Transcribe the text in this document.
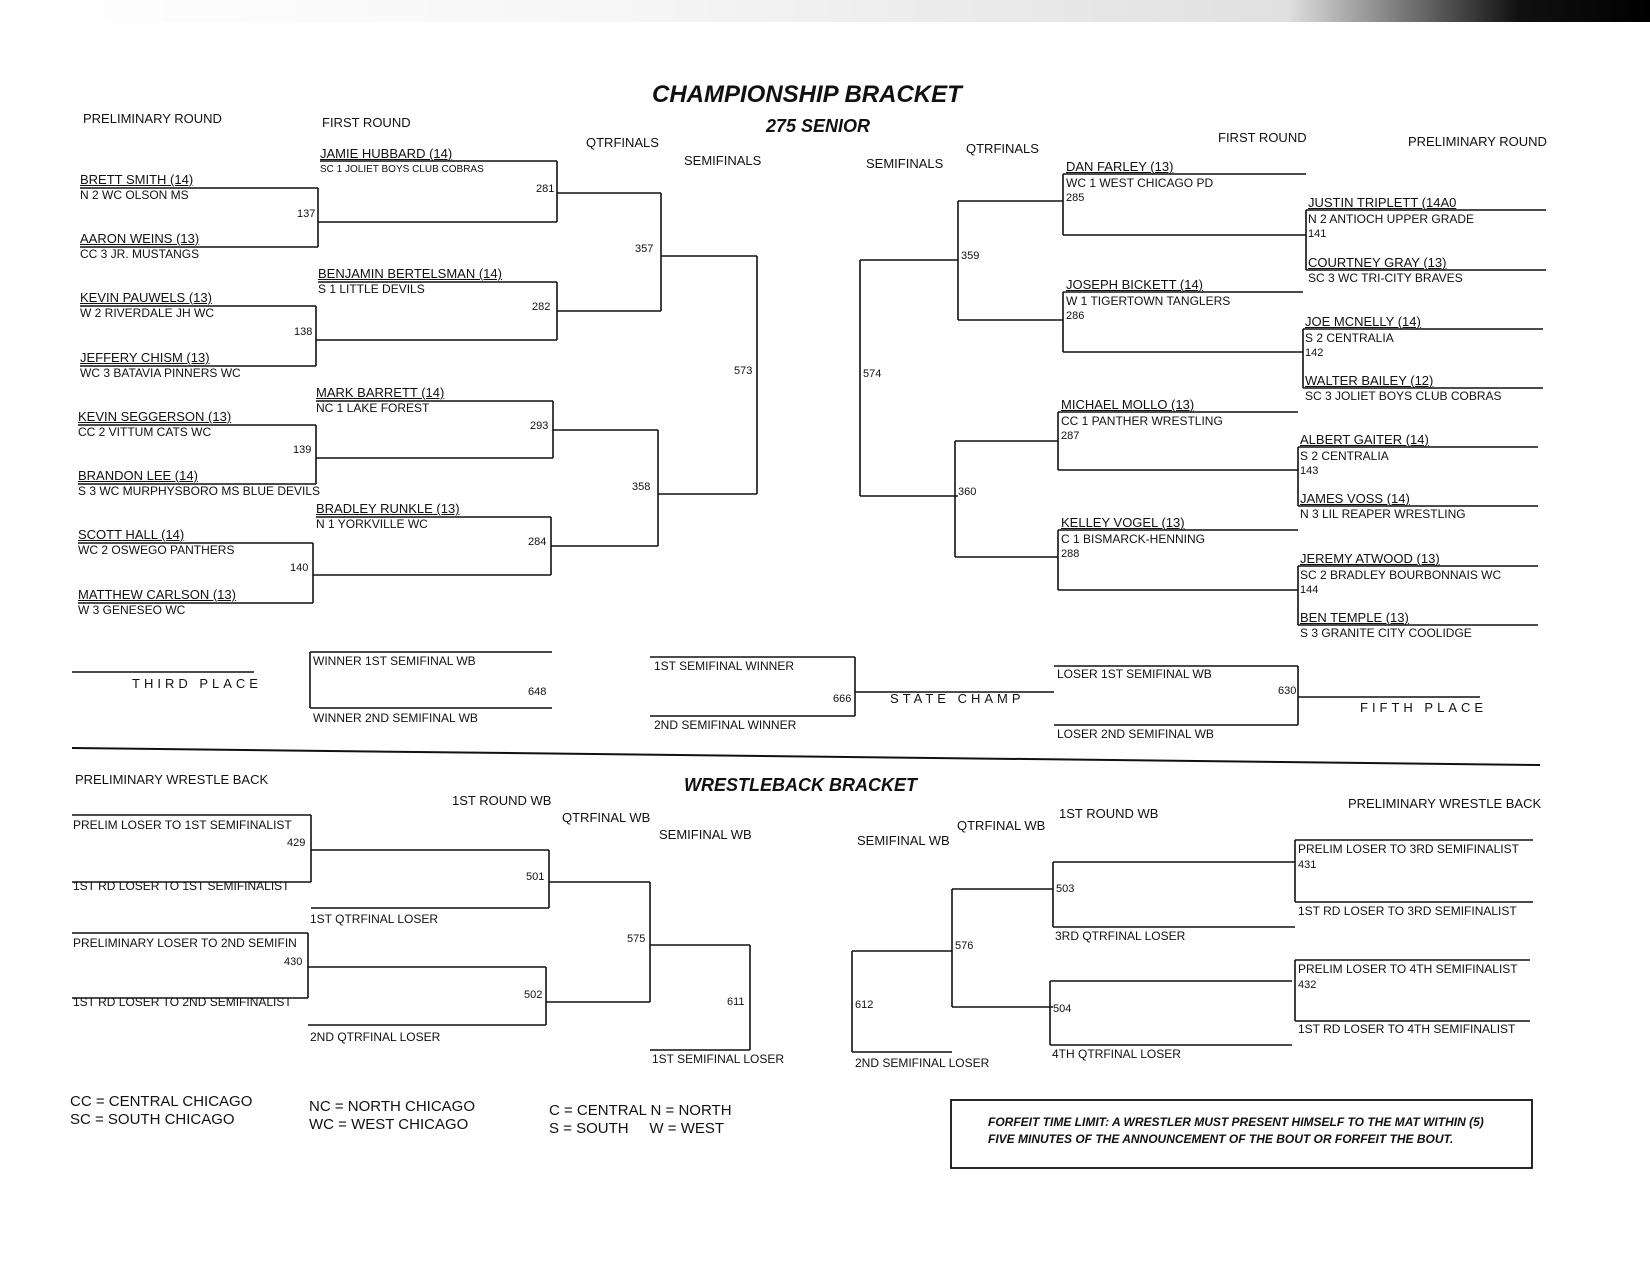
CHAMPIONSHIP BRACKET
275 SENIOR
PRELIMINARY ROUND	FIRST ROUND
QTRFINALS
SEMIFINALS	SEMIFINALS
QTRFINALS
FIRST ROUND	PRELIMINARY ROUND
BRETT SMITH (14)
N 2 WC OLSON MS
AARON WEINS (13)
CC 3 JR. MUSTANGS
KEVIN PAUWELS (13)
W 2 RIVERDALE JH WC
JEFFERY CHISM (13)
WC 3 BATAVIA PINNERS WC
KEVIN SEGGERSON (13)
CC 2 VITTUM CATS WC
BRANDON LEE (14)
S 3 WC MURPHYSBORO MS BLUE DEVILS
SCOTT HALL (14)
WC 2 OSWEGO PANTHERS
MATTHEW CARLSON (13)
W 3 GENESEO WC
137
138
139
140
JAMIE HUBBARD (14)
SC 1 JOLIET BOYS CLUB COBRAS
BENJAMIN BERTELSMAN (14)
S 1 LITTLE DEVILS
MARK BARRETT (14)
NC 1 LAKE FOREST
BRADLEY RUNKLE (13)
N 1 YORKVILLE WC
281
282
293
284
357
358
573	574
359
360
DAN FARLEY (13)
WC 1 WEST CHICAGO PD
285
JOSEPH BICKETT (14)
W 1 TIGERTOWN TANGLERS
286
MICHAEL MOLLO (13)
CC 1 PANTHER WRESTLING
287
KELLEY VOGEL (13)
C 1 BISMARCK-HENNING
288
JUSTIN TRIPLETT (14A0
N 2 ANTIOCH UPPER GRADE
141
COURTNEY GRAY (13)
SC 3 WC TRI-CITY BRAVES
JOE MCNELLY (14)
S 2 CENTRALIA
142
WALTER BAILEY (12)
SC 3 JOLIET BOYS CLUB COBRAS
ALBERT GAITER (14)
S 2 CENTRALIA
143
JAMES VOSS (14)
N 3 LIL REAPER WRESTLING
JEREMY ATWOOD (13)
SC 2 BRADLEY BOURBONNAIS WC
144
BEN TEMPLE (13)
S 3 GRANITE CITY COOLIDGE
THIRD PLACE
WINNER 1ST SEMIFINAL WB
WINNER 2ND SEMIFINAL WB
648
1ST SEMIFINAL WINNER
2ND SEMIFINAL WINNER
666	STATE CHAMP
LOSER 1ST SEMIFINAL WB
LOSER 2ND SEMIFINAL WB
630
FIFTH PLACE
WRESTLEBACK BRACKET
PRELIMINARY WRESTLE BACK
1ST ROUND WB
QTRFINAL WB
SEMIFINAL WB	SEMIFINAL WB
QTRFINAL WB
1ST ROUND WB
PRELIMINARY WRESTLE BACK
PRELIM LOSER TO 1ST SEMIFINALIST
429
1ST RD LOSER TO 1ST SEMIFINALIST
PRELIMINARY LOSER TO 2ND SEMIFIN
430
1ST RD LOSER TO 2ND SEMIFINALIST
501
502
1ST QTRFINAL LOSER
2ND QTRFINAL LOSER
575
611
1ST SEMIFINAL LOSER
612
2ND SEMIFINAL LOSER
576
503
504
3RD QTRFINAL LOSER
4TH QTRFINAL LOSER
PRELIM LOSER TO 3RD SEMIFINALIST
431
1ST RD LOSER TO 3RD SEMIFINALIST
PRELIM LOSER TO 4TH SEMIFINALIST
432
1ST RD LOSER TO 4TH SEMIFINALIST
CC = CENTRAL CHICAGO
SC = SOUTH CHICAGO
NC = NORTH CHICAGO
WC = WEST CHICAGO
C = CENTRAL N = NORTH
S = SOUTH     W = WEST	FORFEIT TIME LIMIT: A WRESTLER MUST PRESENT HIMSELF TO THE MAT WITHIN (5) FIVE MINUTES OF THE ANNOUNCEMENT OF THE BOUT OR FORFEIT THE BOUT.
